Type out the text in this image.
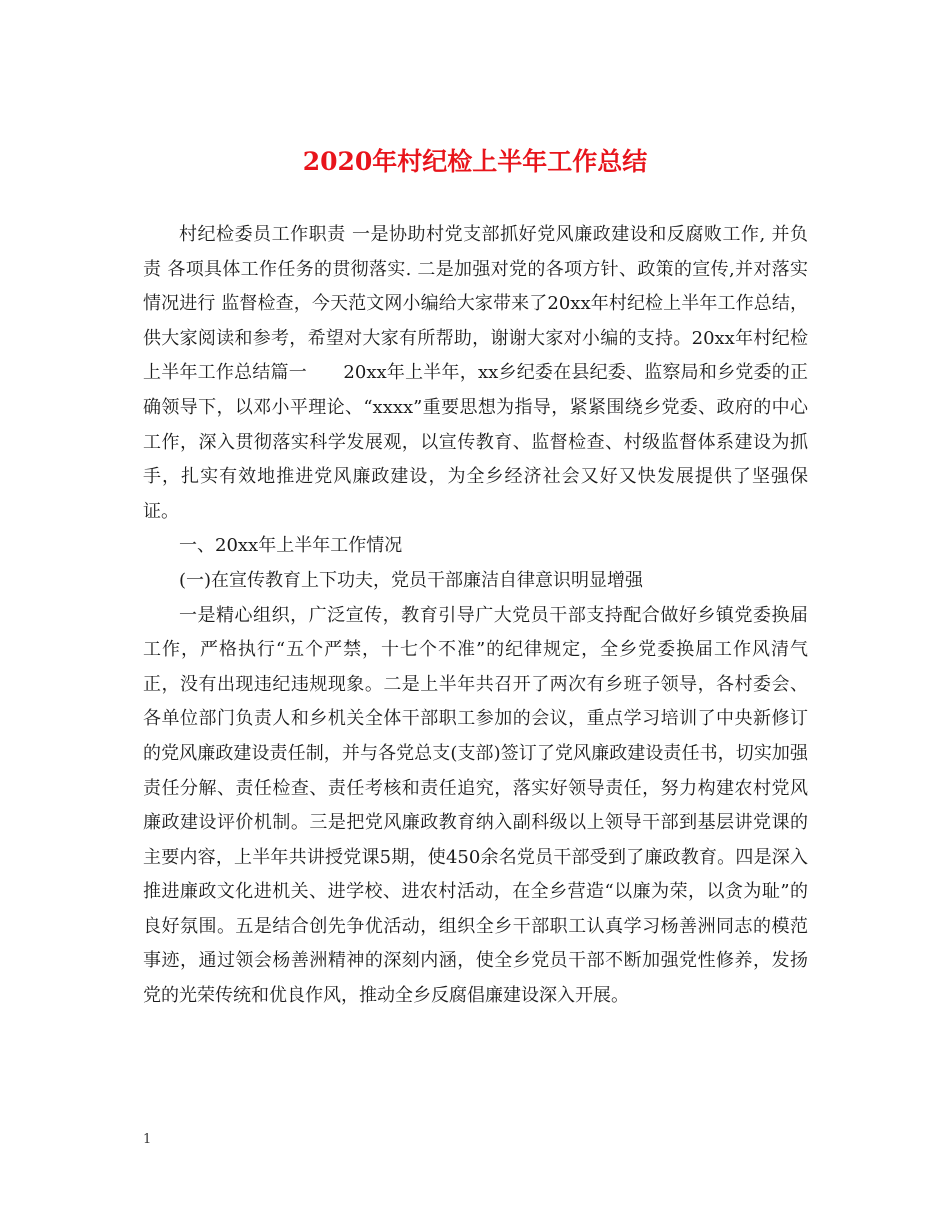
2020年村纪检上半年工作总结

村纪检委员工作职责 一是协助村党支部抓好党风廉政建设和反腐败工作, 并负责 各项具体工作任务的贯彻落实. 二是加强对党的各项方针、政策的宣传,并对落实情况进行 监督检查，今天范文网小编给大家带来了20xx年村纪检上半年工作总结，供大家阅读和参考，希望对大家有所帮助，谢谢大家对小编的支持。20xx年村纪检上半年工作总结篇一　　20xx年上半年，xx乡纪委在县纪委、监察局和乡党委的正确领导下，以邓小平理论、“xxxx”重要思想为指导，紧紧围绕乡党委、政府的中心工作，深入贯彻落实科学发展观，以宣传教育、监督检查、村级监督体系建设为抓手，扎实有效地推进党风廉政建设，为全乡经济社会又好又快发展提供了坚强保证。

一、20xx年上半年工作情况

(一)在宣传教育上下功夫，党员干部廉洁自律意识明显增强

一是精心组织，广泛宣传，教育引导广大党员干部支持配合做好乡镇党委换届工作，严格执行“五个严禁，十七个不准”的纪律规定，全乡党委换届工作风清气正，没有出现违纪违规现象。二是上半年共召开了两次有乡班子领导，各村委会、各单位部门负责人和乡机关全体干部职工参加的会议，重点学习培训了中央新修订的党风廉政建设责任制，并与各党总支(支部)签订了党风廉政建设责任书，切实加强责任分解、责任检查、责任考核和责任追究，落实好领导责任，努力构建农村党风廉政建设评价机制。三是把党风廉政教育纳入副科级以上领导干部到基层讲党课的主要内容，上半年共讲授党课5期，使450余名党员干部受到了廉政教育。四是深入推进廉政文化进机关、进学校、进农村活动，在全乡营造“以廉为荣，以贪为耻”的良好氛围。五是结合创先争优活动，组织全乡干部职工认真学习杨善洲同志的模范事迹，通过领会杨善洲精神的深刻内涵，使全乡党员干部不断加强党性修养，发扬党的光荣传统和优良作风，推动全乡反腐倡廉建设深入开展。

1
